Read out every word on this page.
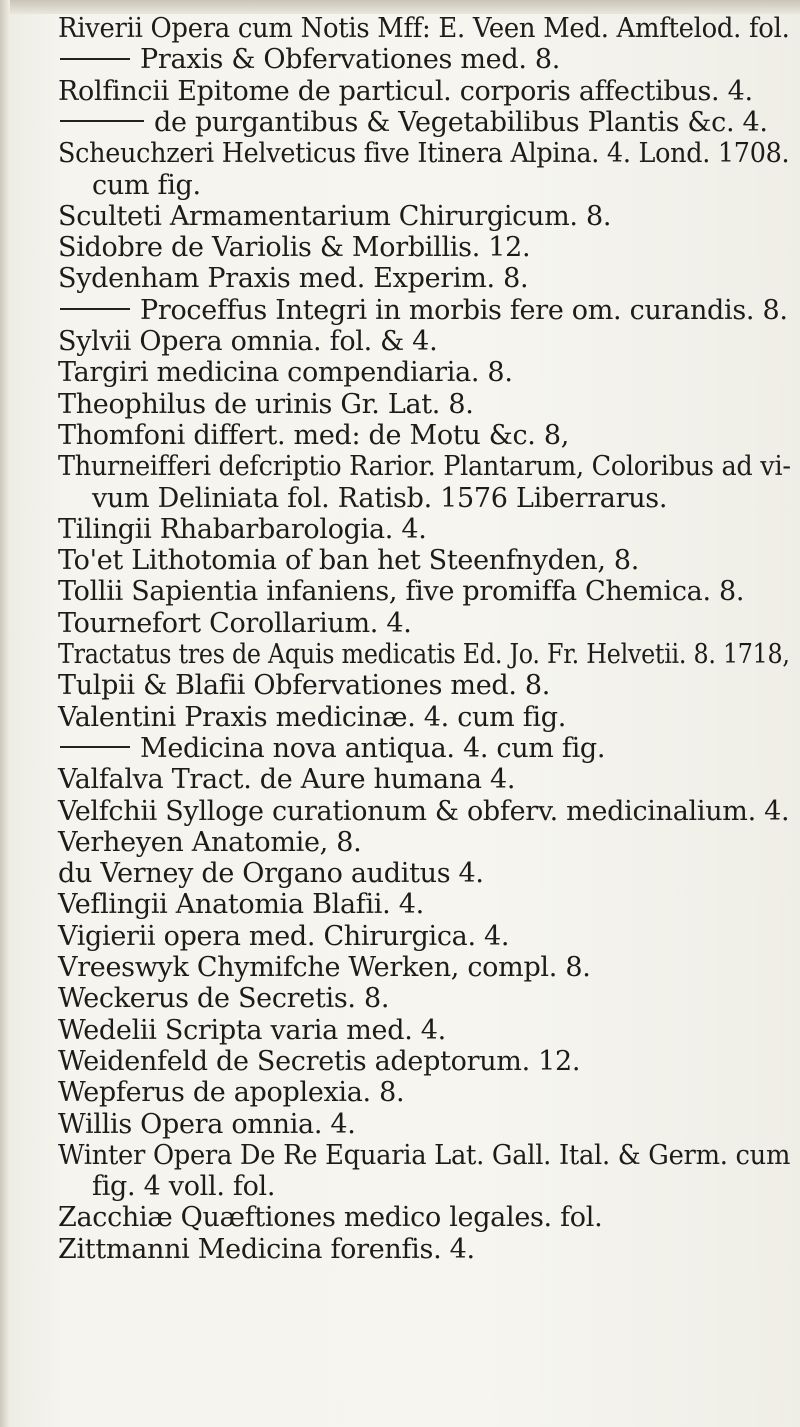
Riverii Opera cum Notis Mff: E. Veen Med. Amftelod. fol.
Praxis & Obfervationes med. 8.
Rolfincii Epitome de particul. corporis affectibus. 4.
de purgantibus & Vegetabilibus Plantis &c. 4.
Scheuchzeri Helveticus five Itinera Alpina. 4. Lond. 1708.
cum fig.
Sculteti Armamentarium Chirurgicum. 8.
Sidobre de Variolis & Morbillis. 12.
Sydenham Praxis med. Experim. 8.
Proceffus Integri in morbis fere om. curandis. 8.
Sylvii Opera omnia. fol. & 4.
Targiri medicina compendiaria. 8.
Theophilus de urinis Gr. Lat. 8.
Thomfoni differt. med: de Motu &c. 8,
Thurneifferi defcriptio Rarior. Plantarum, Coloribus ad vi-
vum Deliniata fol. Ratisb. 1576 Liberrarus.
Tilingii Rhabarbarologia. 4.
To'et Lithotomia of ban het Steenfnyden, 8.
Tollii Sapientia infaniens, five promiffa Chemica. 8.
Tournefort Corollarium. 4.
Tractatus tres de Aquis medicatis Ed. Jo. Fr. Helvetii. 8. 1718,
Tulpii & Blafii Obfervationes med. 8.
Valentini Praxis medicinæ. 4. cum fig.
Medicina nova antiqua. 4. cum fig.
Valfalva Tract. de Aure humana 4.
Velfchii Sylloge curationum & obferv. medicinalium. 4.
Verheyen Anatomie, 8.
du Verney de Organo auditus 4.
Veflingii Anatomia Blafii. 4.
Vigierii opera med. Chirurgica. 4.
Vreeswyk Chymifche Werken, compl. 8.
Weckerus de Secretis. 8.
Wedelii Scripta varia med. 4.
Weidenfeld de Secretis adeptorum. 12.
Wepferus de apoplexia. 8.
Willis Opera omnia. 4.
Winter Opera De Re Equaria Lat. Gall. Ital. & Germ. cum
fig. 4 voll. fol.
Zacchiæ Quæftiones medico legales. fol.
Zittmanni Medicina forenfis. 4.
